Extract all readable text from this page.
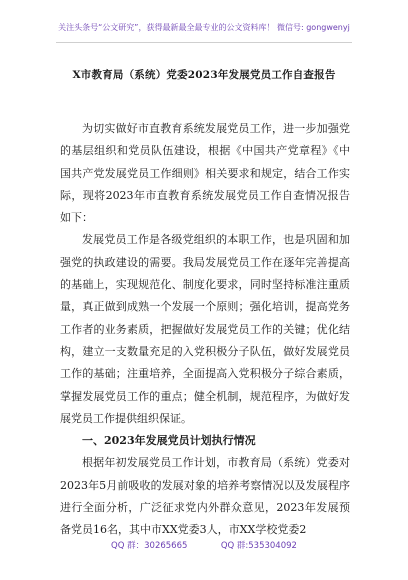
关注头条号“公文研究”，获得最新最全最专业的公文资料库！ 微信号: gongwenyj
X市教育局（系统）党委2023年发展党员工作自查报告

为切实做好市直教育系统发展党员工作，进一步加强党的基层组织和党员队伍建设，根据《中国共产党章程》《中国共产党发展党员工作细则》相关要求和规定，结合工作实际，现将2023年市直教育系统发展党员工作自查情况报告如下：

发展党员工作是各级党组织的本职工作，也是巩固和加强党的执政建设的需要。我局发展党员工作在逐年完善提高的基础上，实现规范化、制度化要求，同时坚持标准注重质量，真正做到成熟一个发展一个原则；强化培训，提高党务工作者的业务素质，把握做好发展党员工作的关键；优化结构，建立一支数量充足的入党积极分子队伍，做好发展党员工作的基础；注重培养，全面提高入党积极分子综合素质，掌握发展党员工作的重点；健全机制，规范程序，为做好发展党员工作提供组织保证。

一、2023年发展党员计划执行情况

根据年初发展党员工作计划，市教育局（系统）党委对2023年5月前吸收的发展对象的培养考察情况以及发展程序进行全面分析，广泛征求党内外群众意见，2023年发展预备党员16名，其中市XX党委3人，市XX学校党委2

QQ 群：30265665	QQ 群:535304092
